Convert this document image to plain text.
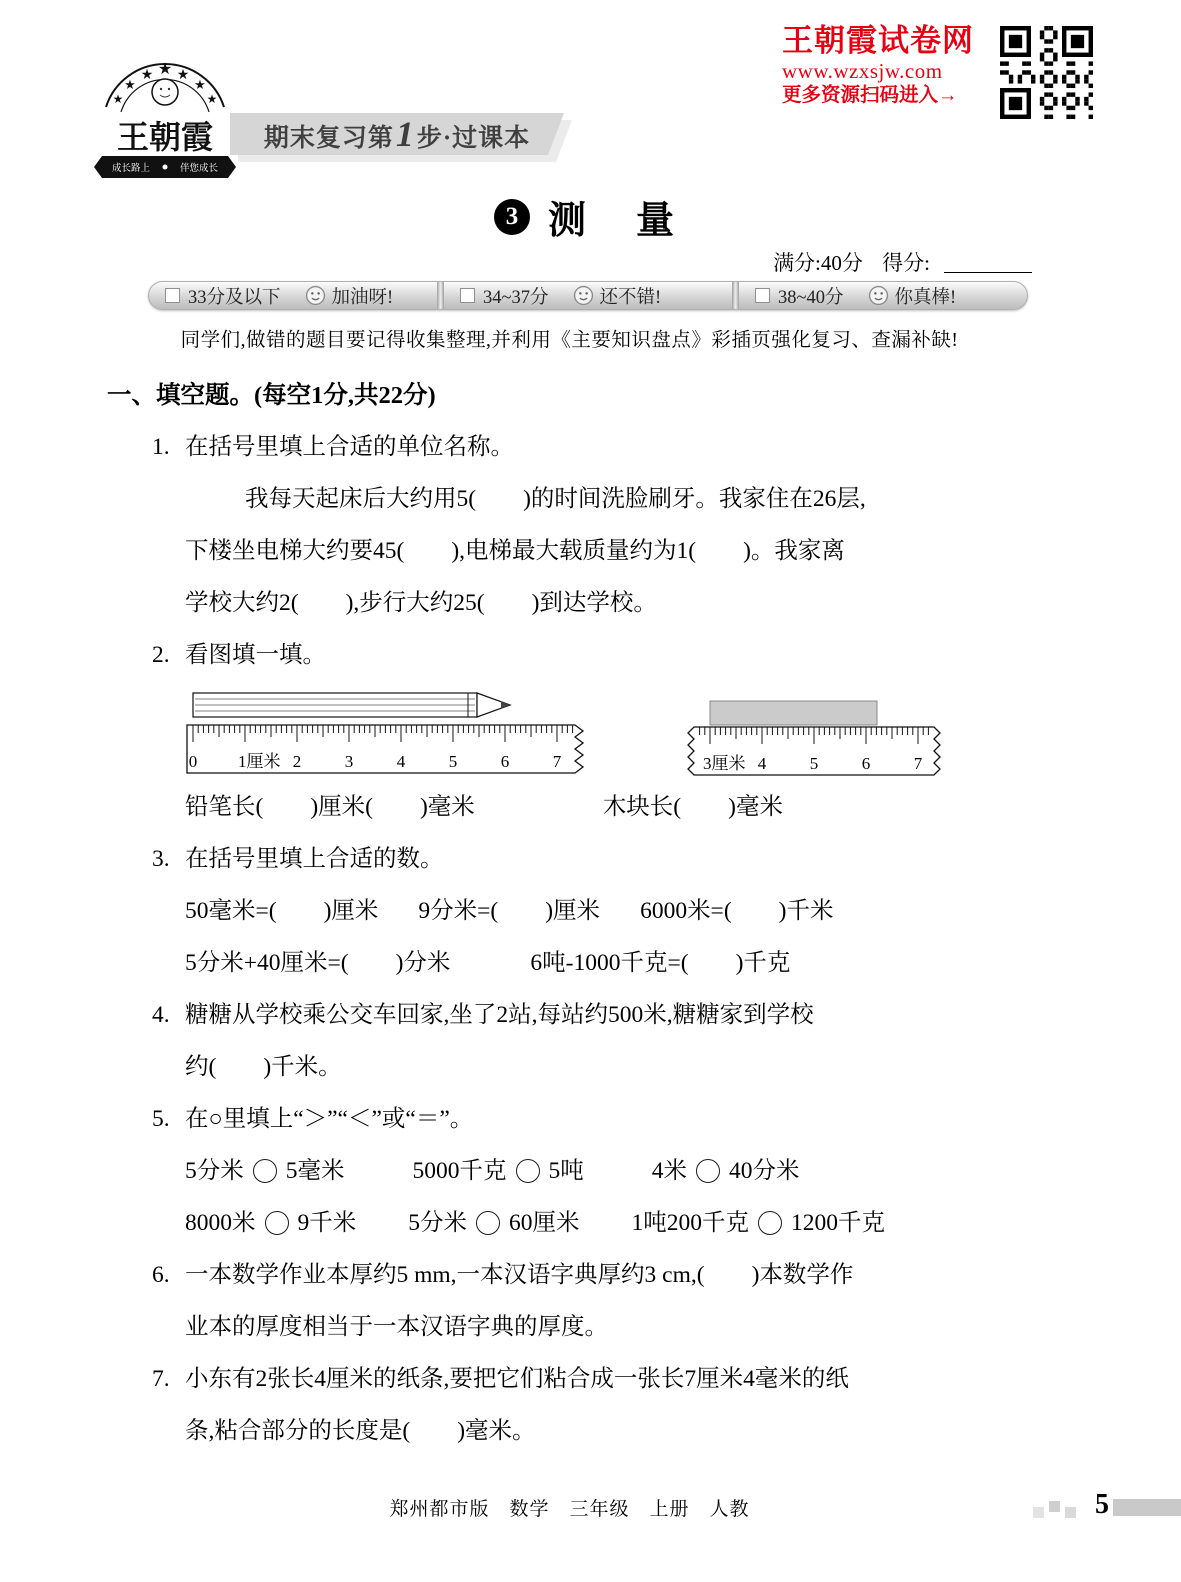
★
★
★ ★ ★
★
★
王朝霞
成长路上	伴您成长
期末复习第1步·过课本
王朝霞试卷网
www.wzxsjw.com
更多资源扫码进入→
3 测　量
满分:40分 得分:
33分及以下	加油呀!	34~37分	还不错!	38~40分	你真棒!
同学们,做错的题目要记得收集整理,并利用《主要知识盘点》彩插页强化复习、查漏补缺!
一、填空题。(每空1分,共22分)
1. 在括号里填上合适的单位名称。
我每天起床后大约用5(　　)的时间洗脸刷牙。我家住在26层,
下楼坐电梯大约要45(　　),电梯最大载质量约为1(　　)。我家离
学校大约2(　　),步行大约25(　　)到达学校。
2. 看图填一填。
0 1厘米 2	3	4	5	6	7	3厘米 4	5	6	7
铅笔长(　　)厘米(　　)毫米	木块长(　　)毫米
3. 在括号里填上合适的数。
50毫米=(　　)厘米 9分米=(　　)厘米 6000米=(　　)千米
5分米+40厘米=(　　)分米	6吨-1000千克=(　　)千克
4. 糖糖从学校乘公交车回家,坐了2站,每站约500米,糖糖家到学校
约(　　)千米。
5. 在○里填上“＞”“＜”或“＝”。
5分米 5毫米	5000千克 5吨	4米 40分米
8000米 9千米 5分米 60厘米 1吨200千克 1200千克
6. 一本数学作业本厚约5 mm,一本汉语字典厚约3 cm,(　　)本数学作
业本的厚度相当于一本汉语字典的厚度。
7. 小东有2张长4厘米的纸条,要把它们粘合成一张长7厘米4毫米的纸
条,粘合部分的长度是(　　)毫米。
郑州都市版　数学　三年级　上册　人教	5
